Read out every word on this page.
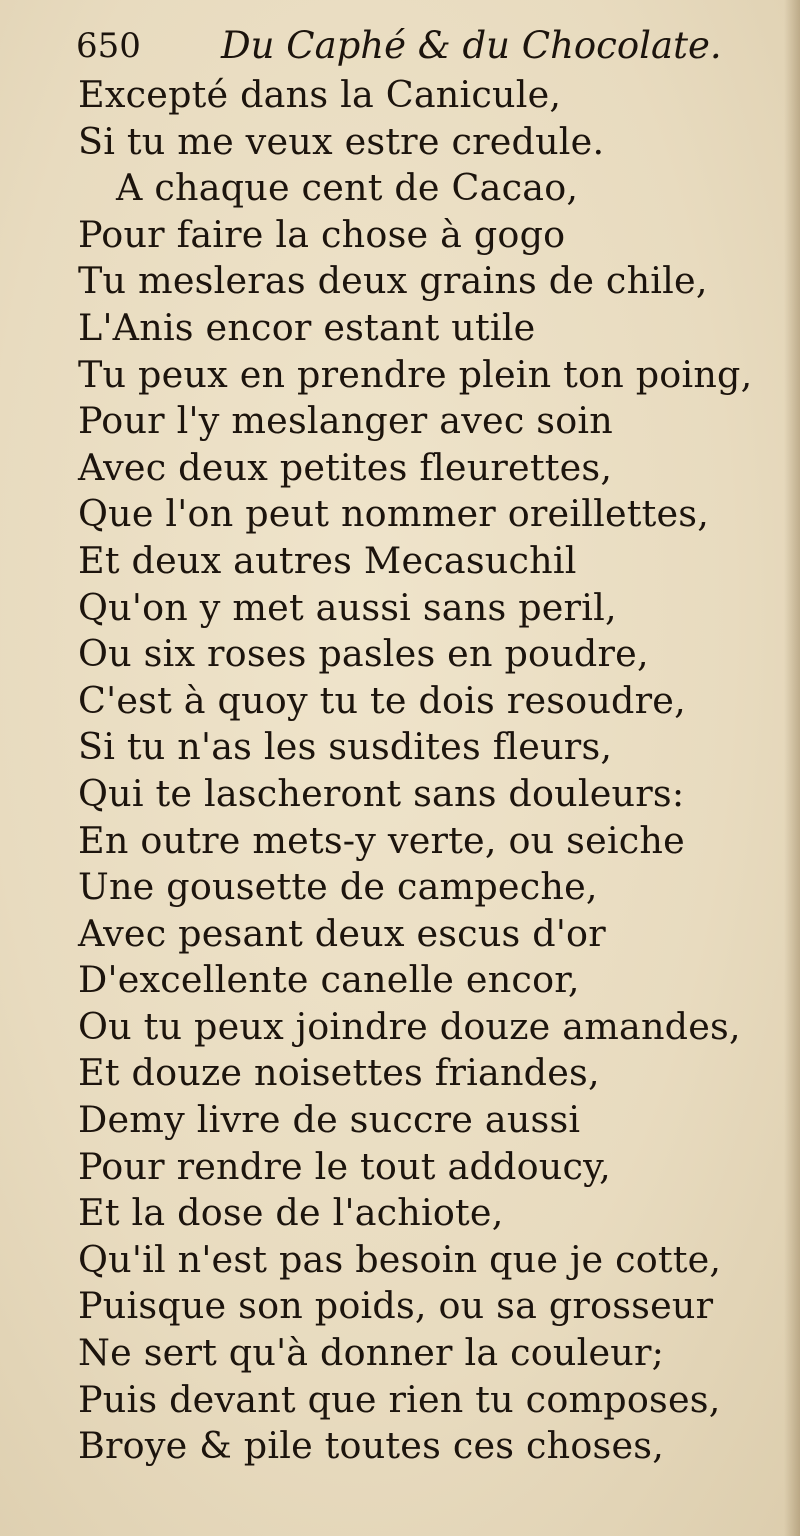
650 Du Caphé & du Chocolate.
Excepté dans la Canicule,
Si tu me veux estre credule.
A chaque cent de Cacao,
Pour faire la chose à gogo
Tu mesleras deux grains de chile,
L'Anis encor estant utile
Tu peux en prendre plein ton poing,
Pour l'y meslanger avec soin
Avec deux petites fleurettes,
Que l'on peut nommer oreillettes,
Et deux autres Mecasuchil
Qu'on y met aussi sans peril,
Ou six roses pasles en poudre,
C'est à quoy tu te dois resoudre,
Si tu n'as les susdites fleurs,
Qui te lascheront sans douleurs:
En outre mets-y verte, ou seiche
Une gousette de campeche,
Avec pesant deux escus d'or
D'excellente canelle encor,
Ou tu peux joindre douze amandes,
Et douze noisettes friandes,
Demy livre de succre aussi
Pour rendre le tout addoucy,
Et la dose de l'achiote,
Qu'il n'est pas besoin que je cotte,
Puisque son poids, ou sa grosseur
Ne sert qu'à donner la couleur;
Puis devant que rien tu composes,
Broye & pile toutes ces choses,
